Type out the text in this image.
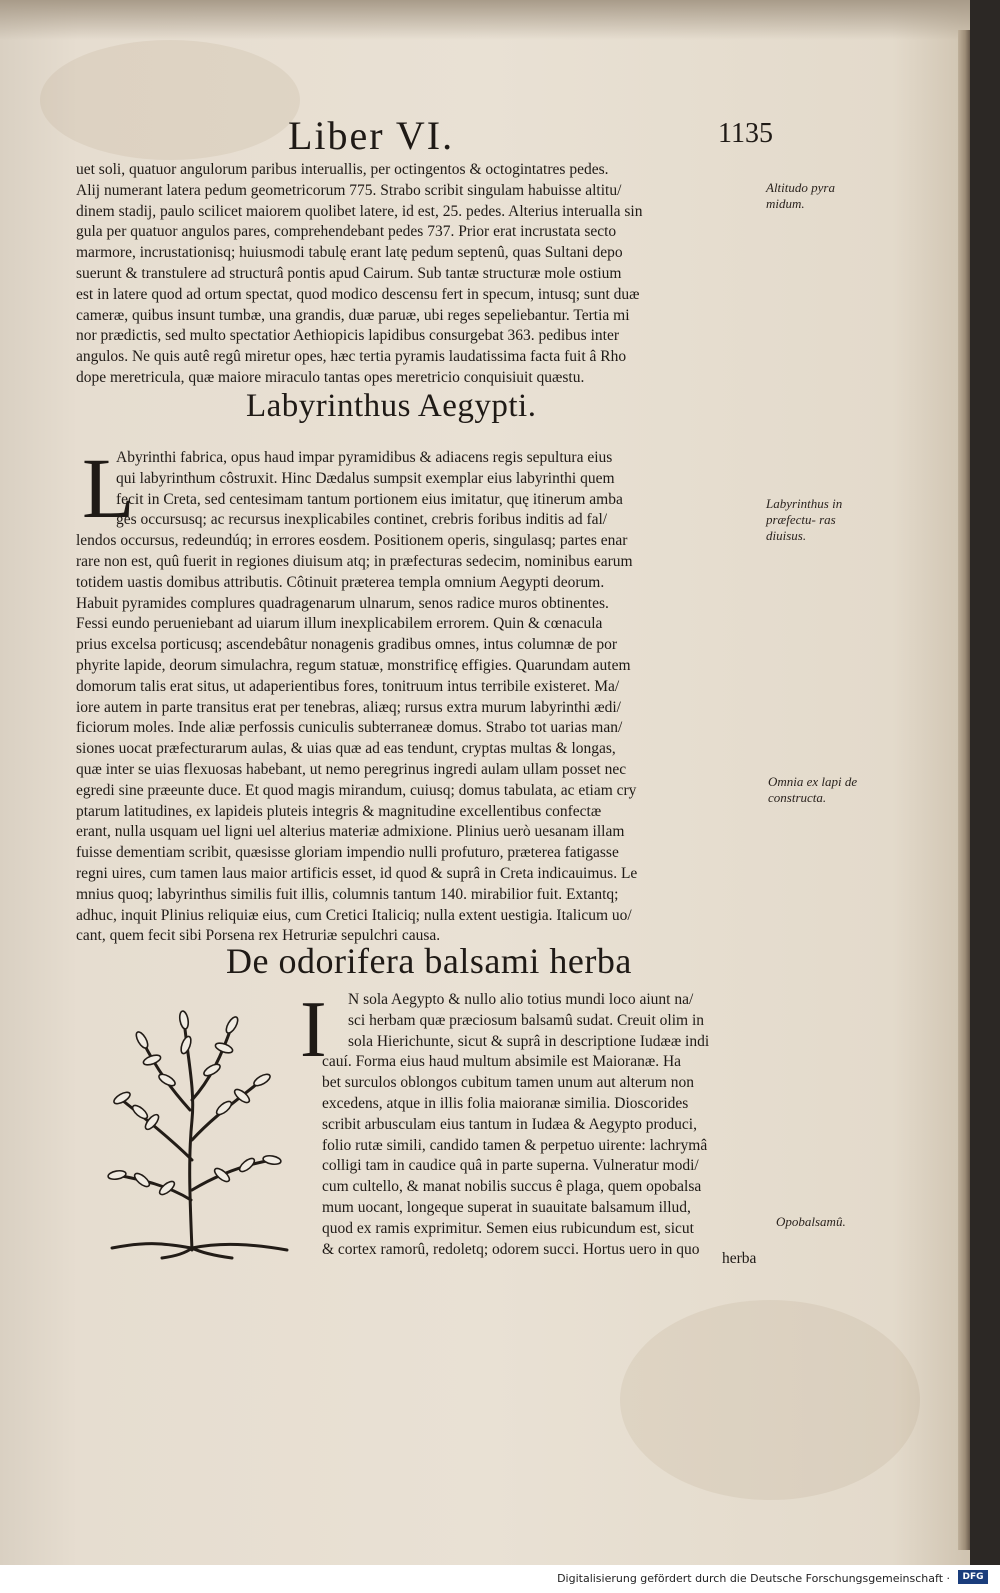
Liber VI.	1135

uet soli, quatuor angulorum paribus interuallis, per octingentos & octogintatres pedes.

Alij numerant latera pedum geometricorum 775. Strabo scribit singulam habuisse altitu/

dinem stadij, paulo scilicet maiorem quolibet latere, id est, 25. pedes. Alterius interualla sin

gula per quatuor angulos pares, comprehendebant pedes 737. Prior erat incrustata secto

marmore, incrustationisq; huiusmodi tabulę erant latę pedum septenû, quas Sultani depo

suerunt & transtulere ad structurâ pontis apud Cairum. Sub tantæ structuræ mole ostium

est in latere quod ad ortum spectat, quod modico descensu fert in specum, intusq; sunt duæ

cameræ, quibus insunt tumbæ, una grandis, duæ paruæ, ubi reges sepeliebantur. Tertia mi

nor prædictis, sed multo spectatior Aethiopicis lapidibus consurgebat 363. pedibus inter

angulos. Ne quis autê regû miretur opes, hæc tertia pyramis laudatissima facta fuit â Rho

dope meretricula, quæ maiore miraculo tantas opes meretricio conquisiuit quæstu.

Labyrinthus Aegypti.
L

Abyrinthi fabrica, opus haud impar pyramidibus & adiacens regis sepultura eius

qui labyrinthum côstruxit. Hinc Dædalus sumpsit exemplar eius labyrinthi quem

fecit in Creta, sed centesimam tantum portionem eius imitatur, quę itinerum amba

ges occursusq; ac recursus inexplicabiles continet, crebris foribus inditis ad fal/

lendos occursus, redeundúq; in errores eosdem. Positionem operis, singulasq; partes enar

rare non est, quû fuerit in regiones diuisum atq; in præfecturas sedecim, nominibus earum

totidem uastis domibus attributis. Côtinuit præterea templa omnium Aegypti deorum.

Habuit pyramides complures quadragenarum ulnarum, senos radice muros obtinentes.

Fessi eundo perueniebant ad uiarum illum inexplicabilem errorem. Quin & cœnacula

prius excelsa porticusq; ascendebâtur nonagenis gradibus omnes, intus columnæ de por

phyrite lapide, deorum simulachra, regum statuæ, monstrificę effigies. Quarundam autem

domorum talis erat situs, ut adaperientibus fores, tonitruum intus terribile existeret. Ma/

iore autem in parte transitus erat per tenebras, aliæq; rursus extra murum labyrinthi ædi/

ficiorum moles. Inde aliæ perfossis cuniculis subterraneæ domus. Strabo tot uarias man/

siones uocat præfecturarum aulas, & uias quæ ad eas tendunt, cryptas multas & longas,

quæ inter se uias flexuosas habebant, ut nemo peregrinus ingredi aulam ullam posset nec

egredi sine præeunte duce. Et quod magis mirandum, cuiusq; domus tabulata, ac etiam cry

ptarum latitudines, ex lapideis pluteis integris & magnitudine excellentibus confectæ

erant, nulla usquam uel ligni uel alterius materiæ admixione. Plinius uerò uesanam illam

fuisse dementiam scribit, quæsisse gloriam impendio nulli profuturo, præterea fatigasse

regni uires, cum tamen laus maior artificis esset, id quod & suprâ in Creta indicauimus. Le

mnius quoq; labyrinthus similis fuit illis, columnis tantum 140. mirabilior fuit. Extantq;

adhuc, inquit Plinius reliquiæ eius, cum Cretici Italiciq; nulla extent uestigia. Italicum uo/

cant, quem fecit sibi Porsena rex Hetruriæ sepulchri causa.

De odorifera balsami herba
I	N sola Aegypto & nullo alio totius mundi loco aiunt na/

sci herbam quæ præciosum balsamû sudat. Creuit olim in

sola Hierichunte, sicut & suprâ in descriptione Iudææ indi

cauí. Forma eius haud multum absimile est Maioranæ. Ha

bet surculos oblongos cubitum tamen unum aut alterum non

excedens, atque in illis folia maioranæ similia. Dioscorides

scribit arbusculam eius tantum in Iudæa & Aegypto produci,

folio rutæ simili, candido tamen & perpetuo uirente: lachrymâ

colligi tam in caudice quâ in parte superna. Vulneratur modi/

cum cultello, & manat nobilis succus ê plaga, quem opobalsa

mum uocant, longeque superat in suauitate balsamum illud,

quod ex ramis exprimitur. Semen eius rubicundum est, sicut

& cortex ramorû, redoletq; odorem succi. Hortus uero in quo

herba
Altitudo pyra midum.
Labyrinthus in præfectu- ras diuisus.
Omnia ex lapi de constructa.
Opobalsamû.
Digitalisierung gefördert durch die Deutsche Forschungsgemeinschaft ·	DFG
